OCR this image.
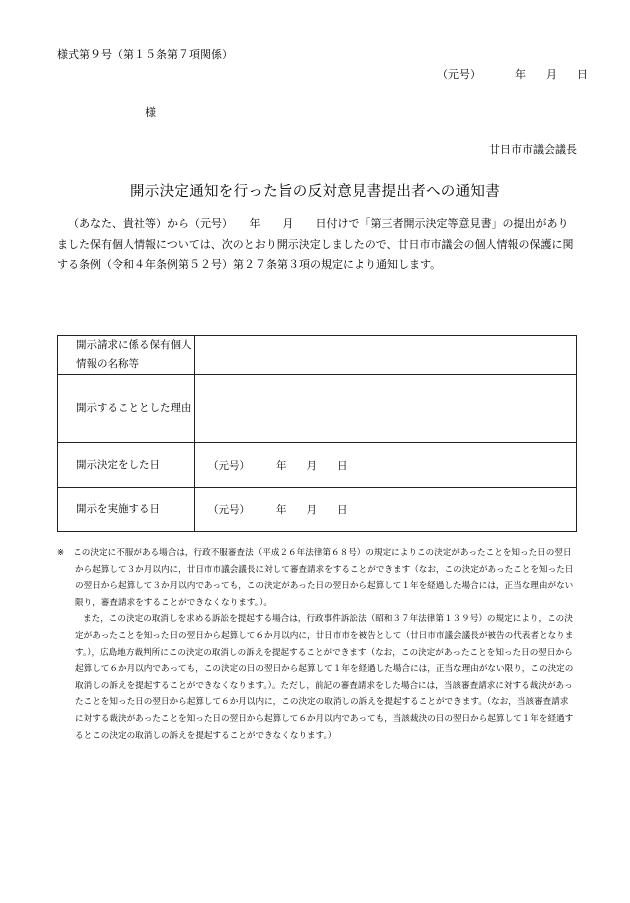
様式第９号（第１５条第７項関係）
（元号）	年 月 日
様
廿日市市議会議長
開示決定通知を行った旨の反対意見書提出者への通知書
（あなた、貴社等）から（元号）　　年　　月　　日付けで「第三者開示決定等意見書」の提出がありました保有個人情報については、次のとおり開示決定しましたので、廿日市市議会の個人情報の保護に関する条例（令和４年条例第５２号）第２７条第３項の規定により通知します。
開示請求に係る保有個人情報の名称等	
開示することとした理由	
開示決定をした日	（元号） 年 月 日
開示を実施する日	（元号） 年 月 日

※ この決定に不服がある場合は，行政不服審査法（平成２６年法律第６８号）の規定によりこの決定があったことを知った日の翌日から起算して３か月以内に，廿日市市議会議長に対して審査請求をすることができます（なお，この決定があったことを知った日の翌日から起算して３か月以内であっても，この決定があった日の翌日から起算して１年を経過した場合には，正当な理由がない限り，審査請求をすることができなくなります。）。

また，この決定の取消しを求める訴訟を提起する場合は，行政事件訴訟法（昭和３７年法律第１３９号）の規定により，この決定があったことを知った日の翌日から起算して６か月以内に，廿日市市を被告として（廿日市市議会議長が被告の代表者となります。），広島地方裁判所にこの決定の取消しの訴えを提起することができます（なお，この決定があったことを知った日の翌日から起算して６か月以内であっても，この決定の日の翌日から起算して１年を経過した場合には，正当な理由がない限り，この決定の取消しの訴えを提起することができなくなります。）。ただし，前記の審査請求をした場合には，当該審査請求に対する裁決があったことを知った日の翌日から起算して６か月以内に，この決定の取消しの訴えを提起することができます。（なお，当該審査請求に対する裁決があったことを知った日の翌日から起算して６か月以内であっても，当該裁決の日の翌日から起算して１年を経過するとこの決定の取消しの訴えを提起することができなくなります。）
